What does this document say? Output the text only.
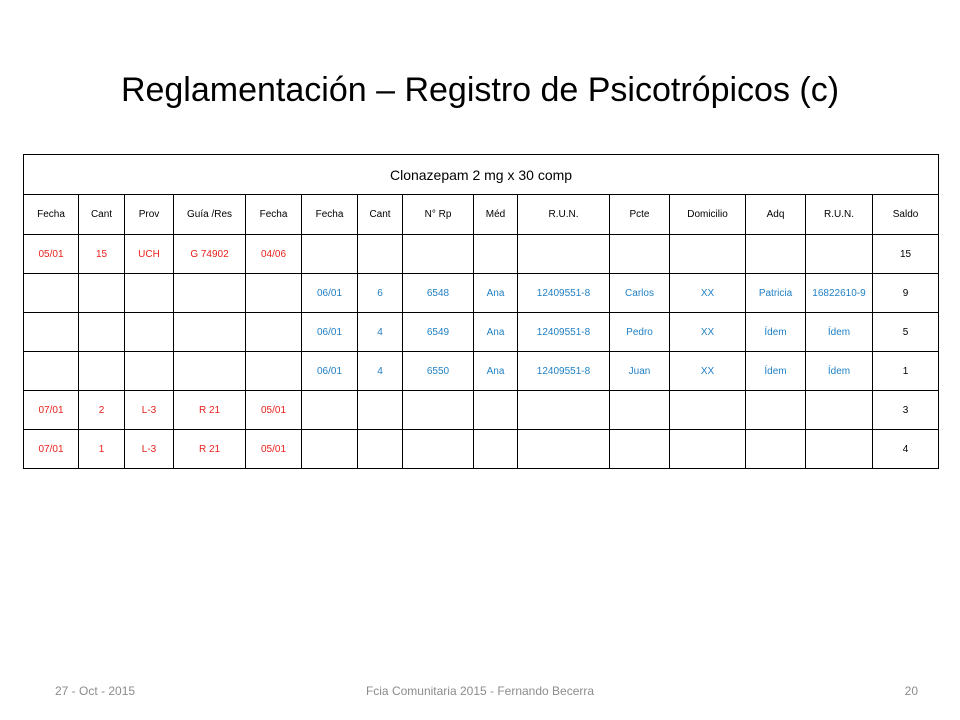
Reglamentación – Registro de Psicotrópicos (c)
Clonazepam 2 mg x 30 comp														
Fecha	Cant	Prov	Guía /Res	Fecha	Fecha	Cant	N° Rp	Méd	R.U.N.	Pcte	Domicilio	Adq	R.U.N.	Saldo
05/01	15	UCH	G 74902	04/06										15
					06/01	6	6548	Ana	12409551-8	Carlos	XX	Patricia	16822610-9	9
					06/01	4	6549	Ana	12409551-8	Pedro	XX	Ídem	Ídem	5
					06/01	4	6550	Ana	12409551-8	Juan	XX	Ídem	Ídem	1
07/01	2	L-3	R 21	05/01										3
07/01	1	L-3	R 21	05/01										4
27 - Oct - 2015	Fcia Comunitaria 2015 - Fernando Becerra	20
